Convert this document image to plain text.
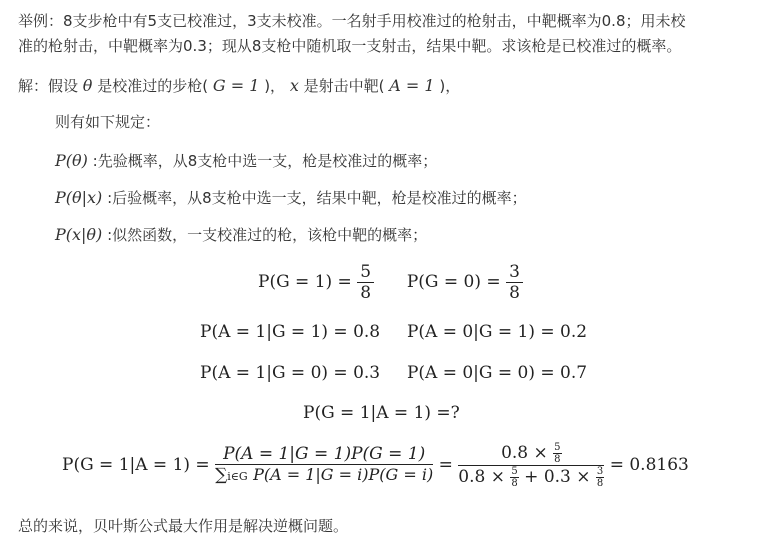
举例：8支步枪中有5支已校准过，3支未校准。一名射手用校准过的枪射击，中靶概率为0.8；用未校

准的枪射击，中靶概率为0.3；现从8支枪中随机取一支射击，结果中靶。求该枪是已校准过的概率。

解：假设 θ 是校准过的步枪( G = 1 )， x 是射击中靶( A = 1 )，

则有如下规定：

P(θ) :先验概率，从8支枪中选一支，枪是校准过的概率；

P(θ|x) :后验概率，从8支枪中选一支，结果中靶，枪是校准过的概率；

P(x|θ) :似然函数，一支校准过的枪，该枪中靶的概率；

$P(G = 1) = \frac{5}{8} P(G = 0) = \frac{3}{8}$
P(A = 1|G = 1) = 0.8 P(A = 0|G = 1) = 0.2
P(A = 1|G = 0) = 0.3 P(A = 0|G = 0) = 0.7
P(G = 1|A = 1) =?
$P(G = 1|A = 1) = \frac{P(A = 1|G = 1)P(G = 1)}{\text{∑i∈G P(A = 1|G = i)P(G = i)}}$ =
$0.8 \times \frac{5}{8}$
$0.8 \times \frac{5}{8} + 0.3 \times \frac{3}{8}$
= 0.8163

总的来说，贝叶斯公式最大作用是解决逆概问题。
